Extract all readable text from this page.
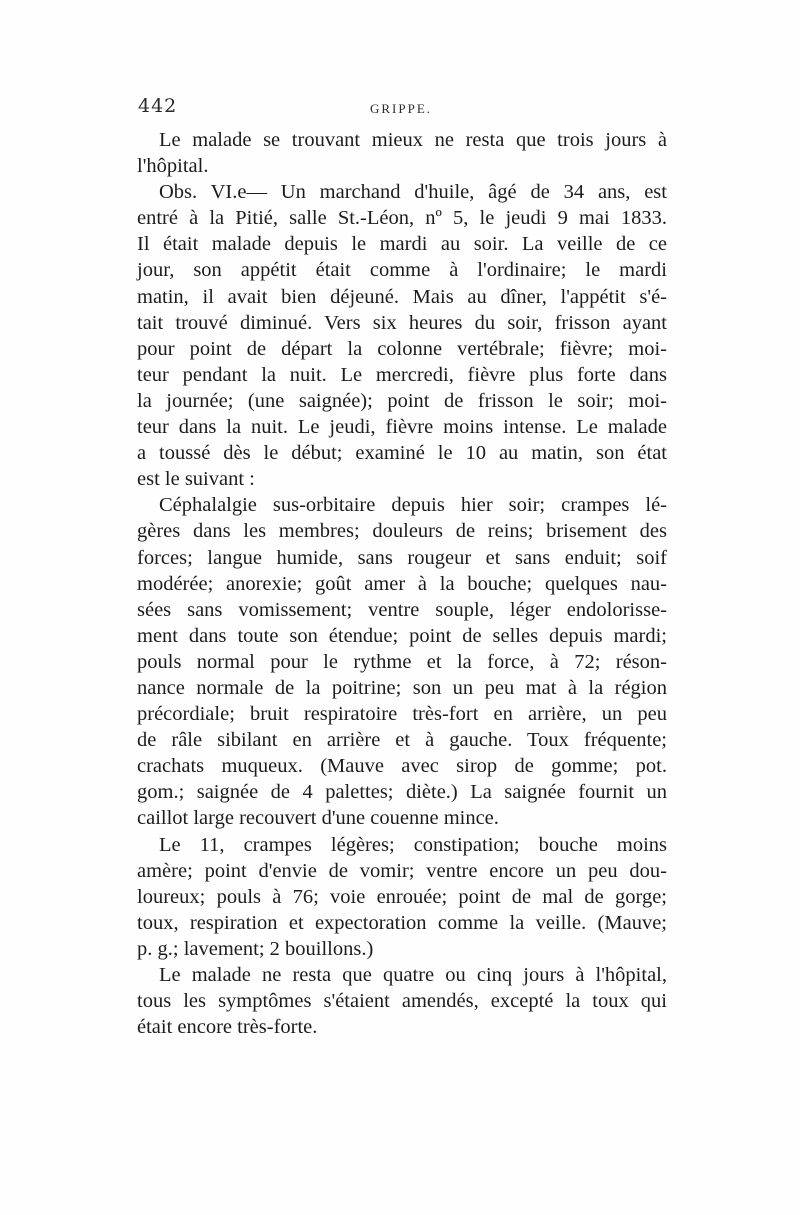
442	GRIPPE.
Le malade se trouvant mieux ne resta que trois jours à
l'hôpital.
Obs. VI.e— Un marchand d'huile, âgé de 34 ans, est
entré à la Pitié, salle St.-Léon, nº 5, le jeudi 9 mai 1833.
Il était malade depuis le mardi au soir. La veille de ce
jour, son appétit était comme à l'ordinaire; le mardi
matin, il avait bien déjeuné. Mais au dîner, l'appétit s'é-
tait trouvé diminué. Vers six heures du soir, frisson ayant
pour point de départ la colonne vertébrale; fièvre; moi-
teur pendant la nuit. Le mercredi, fièvre plus forte dans
la journée; (une saignée); point de frisson le soir; moi-
teur dans la nuit. Le jeudi, fièvre moins intense. Le malade
a toussé dès le début; examiné le 10 au matin, son état
est le suivant :
Céphalalgie sus-orbitaire depuis hier soir; crampes lé-
gères dans les membres; douleurs de reins; brisement des
forces; langue humide, sans rougeur et sans enduit; soif
modérée; anorexie; goût amer à la bouche; quelques nau-
sées sans vomissement; ventre souple, léger endolorisse-
ment dans toute son étendue; point de selles depuis mardi;
pouls normal pour le rythme et la force, à 72; réson-
nance normale de la poitrine; son un peu mat à la région
précordiale; bruit respiratoire très-fort en arrière, un peu
de râle sibilant en arrière et à gauche. Toux fréquente;
crachats muqueux. (Mauve avec sirop de gomme; pot.
gom.; saignée de 4 palettes; diète.) La saignée fournit un
caillot large recouvert d'une couenne mince.
Le 11, crampes légères; constipation; bouche moins
amère; point d'envie de vomir; ventre encore un peu dou-
loureux; pouls à 76; voie enrouée; point de mal de gorge;
toux, respiration et expectoration comme la veille. (Mauve;
p. g.; lavement; 2 bouillons.)
Le malade ne resta que quatre ou cinq jours à l'hôpital,
tous les symptômes s'étaient amendés, excepté la toux qui
était encore très-forte.
